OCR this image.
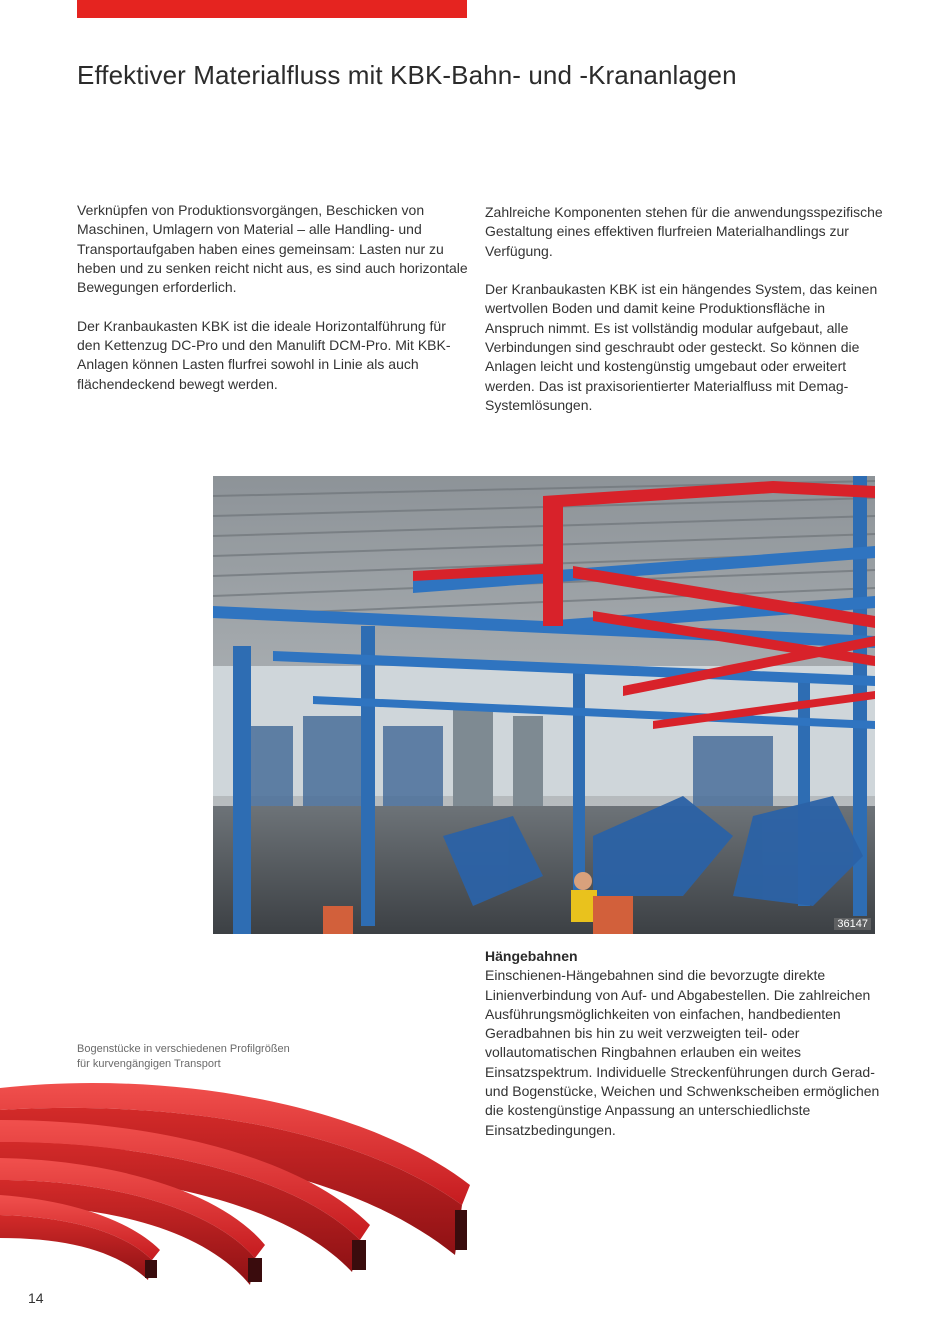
Effektiver Materialfluss mit KBK-Bahn- und -Krananlagen

Verknüpfen von Produktionsvorgängen, Beschicken von Maschinen, Umlagern von Material – alle Handling- und Transportaufgaben haben eines gemeinsam: Lasten nur zu heben und zu senken reicht nicht aus, es sind auch horizontale Bewegungen erforderlich.

Der Kranbaukasten KBK ist die ideale Horizontalführung für den Kettenzug DC-Pro und den Manulift DCM-Pro. Mit KBK-Anlagen können Lasten flurfrei sowohl in Linie als auch flächendeckend bewegt werden.

Zahlreiche Komponenten stehen für die anwendungsspezifische Gestaltung eines effektiven flurfreien Materialhandlings zur Verfügung.

Der Kranbaukasten KBK ist ein hängendes System, das keinen wertvollen Boden und damit keine Produktionsfläche in Anspruch nimmt. Es ist vollständig modular aufgebaut, alle Verbindungen sind geschraubt oder gesteckt. So können die Anlagen leicht und kostengünstig umgebaut oder erweitert werden. Das ist praxisorientierter Materialfluss mit Demag-Systemlösungen.

36147
Hängebahnen

Einschienen-Hängebahnen sind die bevorzugte direkte Linienverbindung von Auf- und Abgabestellen. Die zahlreichen Ausführungsmöglichkeiten von einfachen, handbedienten Geradbahnen bis hin zu weit verzweigten teil- oder vollautomatischen Ringbahnen erlauben ein weites Einsatzspektrum. Individuelle Streckenführungen durch Gerad- und Bogenstücke, Weichen und Schwenkscheiben ermöglichen die kostengünstige Anpassung an unterschiedlichste Einsatzbedingungen.

Bogenstücke in verschiedenen Profilgrößen
für kurvengängigen Transport
14
